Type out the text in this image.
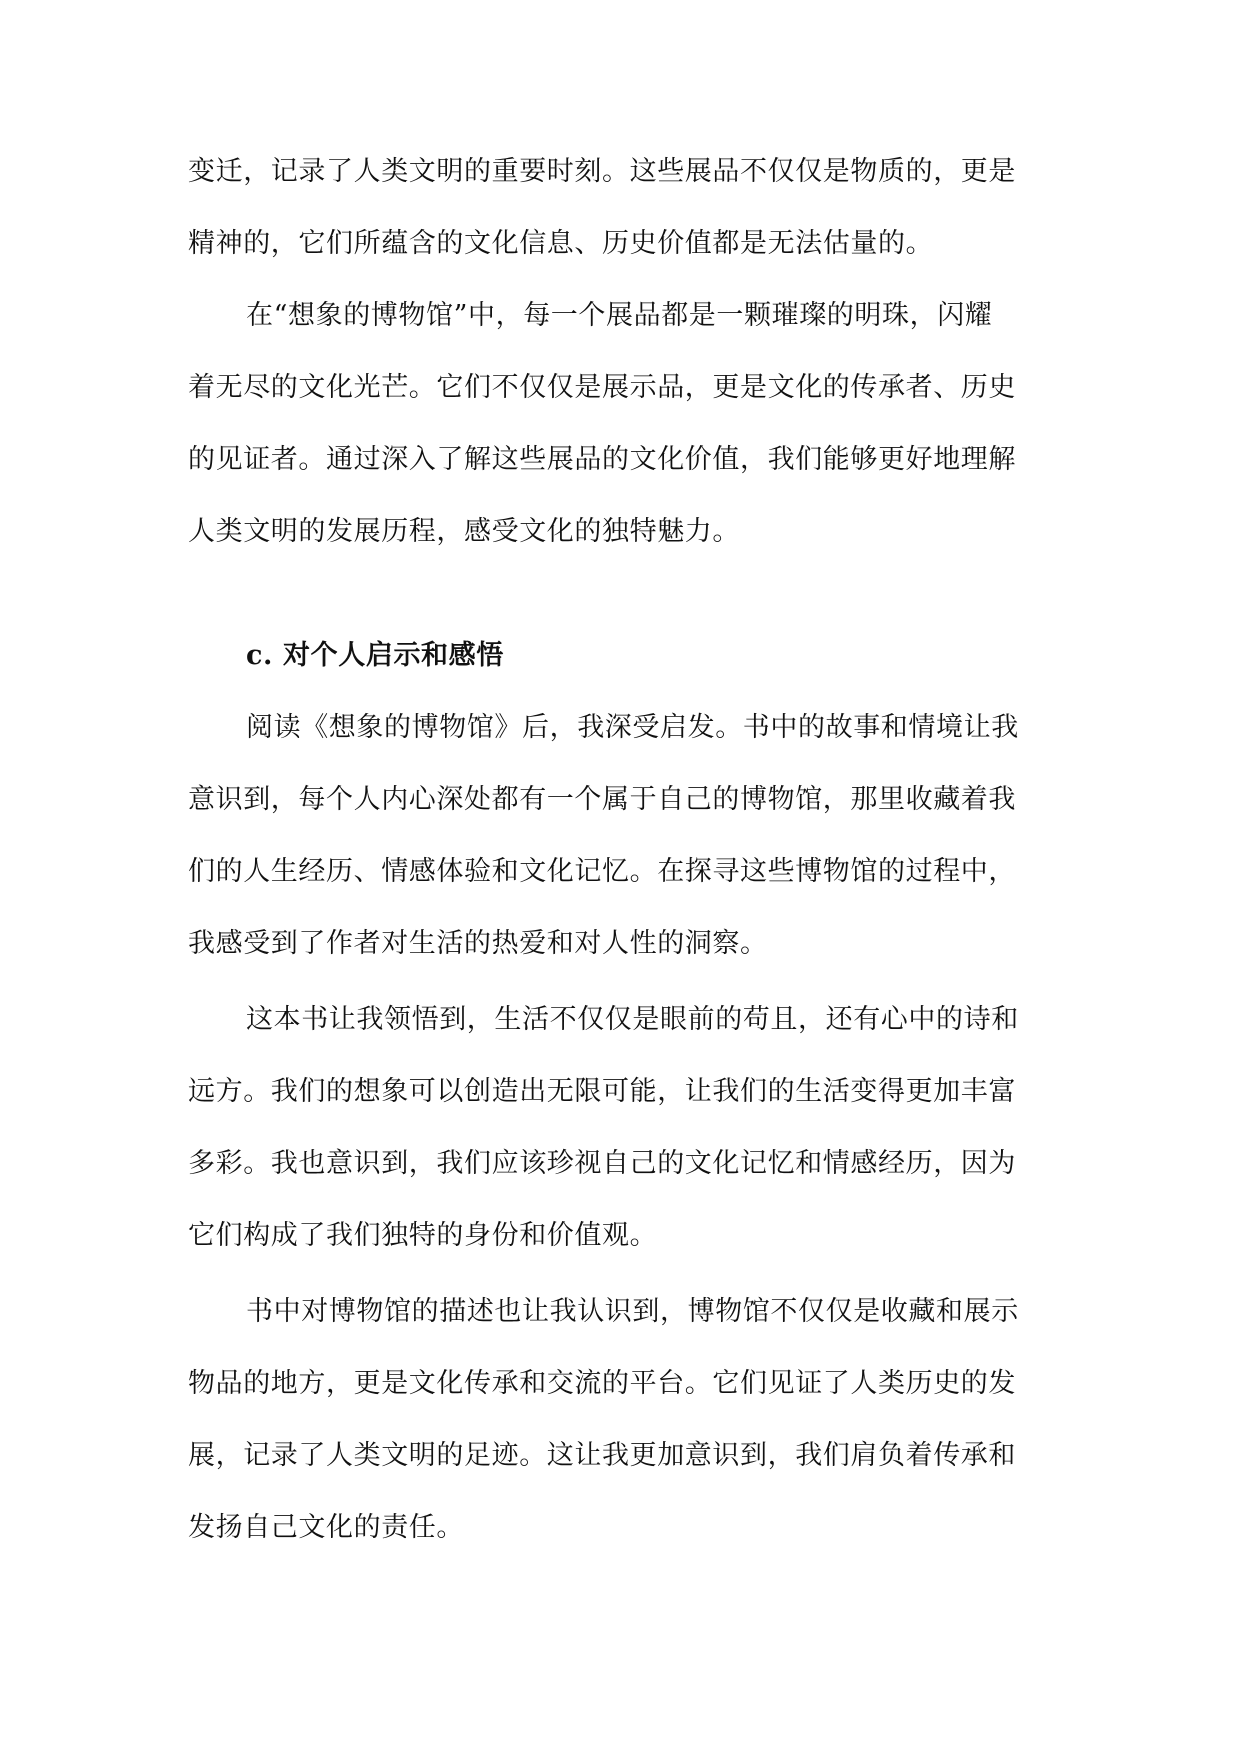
变迁，记录了人类文明的重要时刻。这些展品不仅仅是物质的，更是
精神的，它们所蕴含的文化信息、历史价值都是无法估量的。
在“想象的博物馆”中，每一个展品都是一颗璀璨的明珠，闪耀
着无尽的文化光芒。它们不仅仅是展示品，更是文化的传承者、历史
的见证者。通过深入了解这些展品的文化价值，我们能够更好地理解
人类文明的发展历程，感受文化的独特魅力。
c. 对个人启示和感悟
阅读《想象的博物馆》后，我深受启发。书中的故事和情境让我
意识到，每个人内心深处都有一个属于自己的博物馆，那里收藏着我
们的人生经历、情感体验和文化记忆。在探寻这些博物馆的过程中，
我感受到了作者对生活的热爱和对人性的洞察。
这本书让我领悟到，生活不仅仅是眼前的苟且，还有心中的诗和
远方。我们的想象可以创造出无限可能，让我们的生活变得更加丰富
多彩。我也意识到，我们应该珍视自己的文化记忆和情感经历，因为
它们构成了我们独特的身份和价值观。
书中对博物馆的描述也让我认识到，博物馆不仅仅是收藏和展示
物品的地方，更是文化传承和交流的平台。它们见证了人类历史的发
展，记录了人类文明的足迹。这让我更加意识到，我们肩负着传承和
发扬自己文化的责任。
